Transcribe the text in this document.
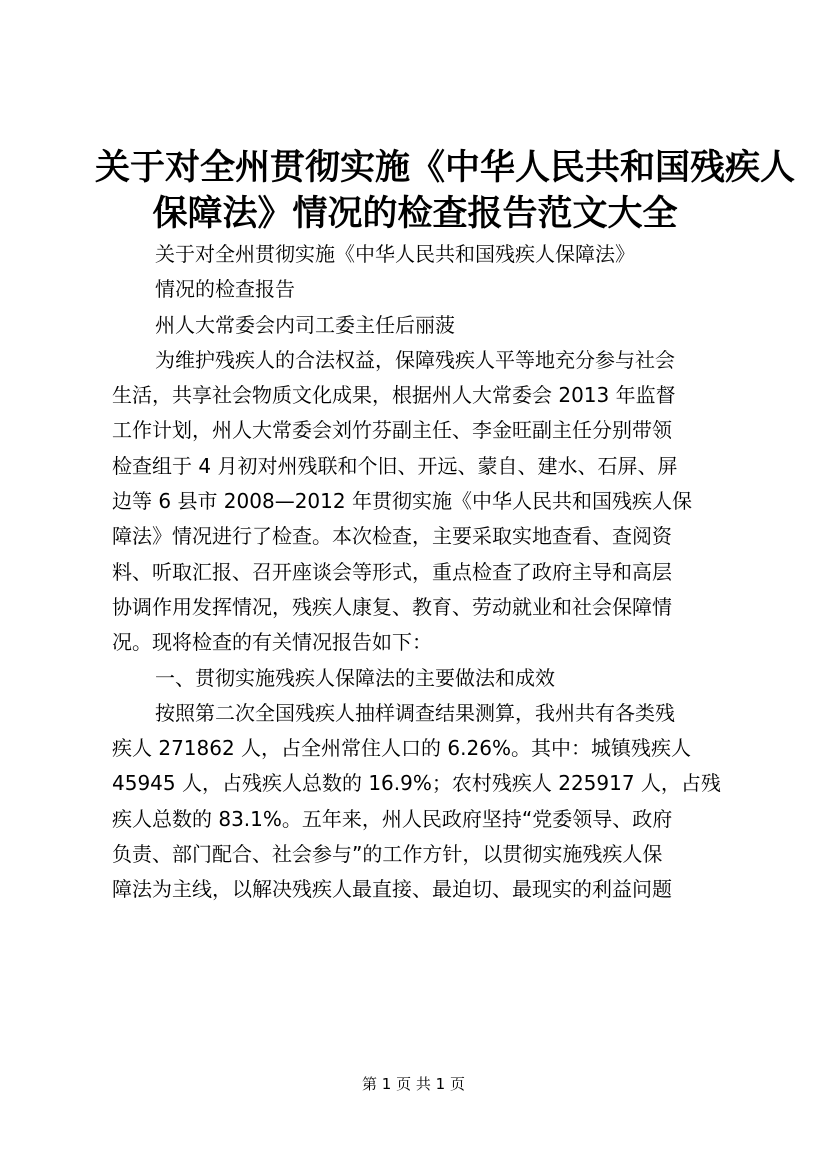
关于对全州贯彻实施《中华人民共和国残疾人
保障法》情况的检查报告范文大全
关于对全州贯彻实施《中华人民共和国残疾人保障法》
情况的检查报告
州人大常委会内司工委主任后丽菠
为维护残疾人的合法权益，保障残疾人平等地充分参与社会
生活，共享社会物质文化成果，根据州人大常委会 2013 年监督
工作计划，州人大常委会刘竹芬副主任、李金旺副主任分别带领
检查组于 4 月初对州残联和个旧、开远、蒙自、建水、石屏、屏
边等 6 县市 2008—2012 年贯彻实施《中华人民共和国残疾人保
障法》情况进行了检查。本次检查，主要采取实地查看、查阅资
料、听取汇报、召开座谈会等形式，重点检查了政府主导和高层
协调作用发挥情况，残疾人康复、教育、劳动就业和社会保障情
况。现将检查的有关情况报告如下：
一、贯彻实施残疾人保障法的主要做法和成效
按照第二次全国残疾人抽样调查结果测算，我州共有各类残
疾人 271862 人，占全州常住人口的 6.26%。其中：城镇残疾人
45945 人，占残疾人总数的 16.9%；农村残疾人 225917 人，占残
疾人总数的 83.1%。五年来，州人民政府坚持“党委领导、政府
负责、部门配合、社会参与”的工作方针，以贯彻实施残疾人保
障法为主线，以解决残疾人最直接、最迫切、最现实的利益问题
第 1 页 共 1 页
